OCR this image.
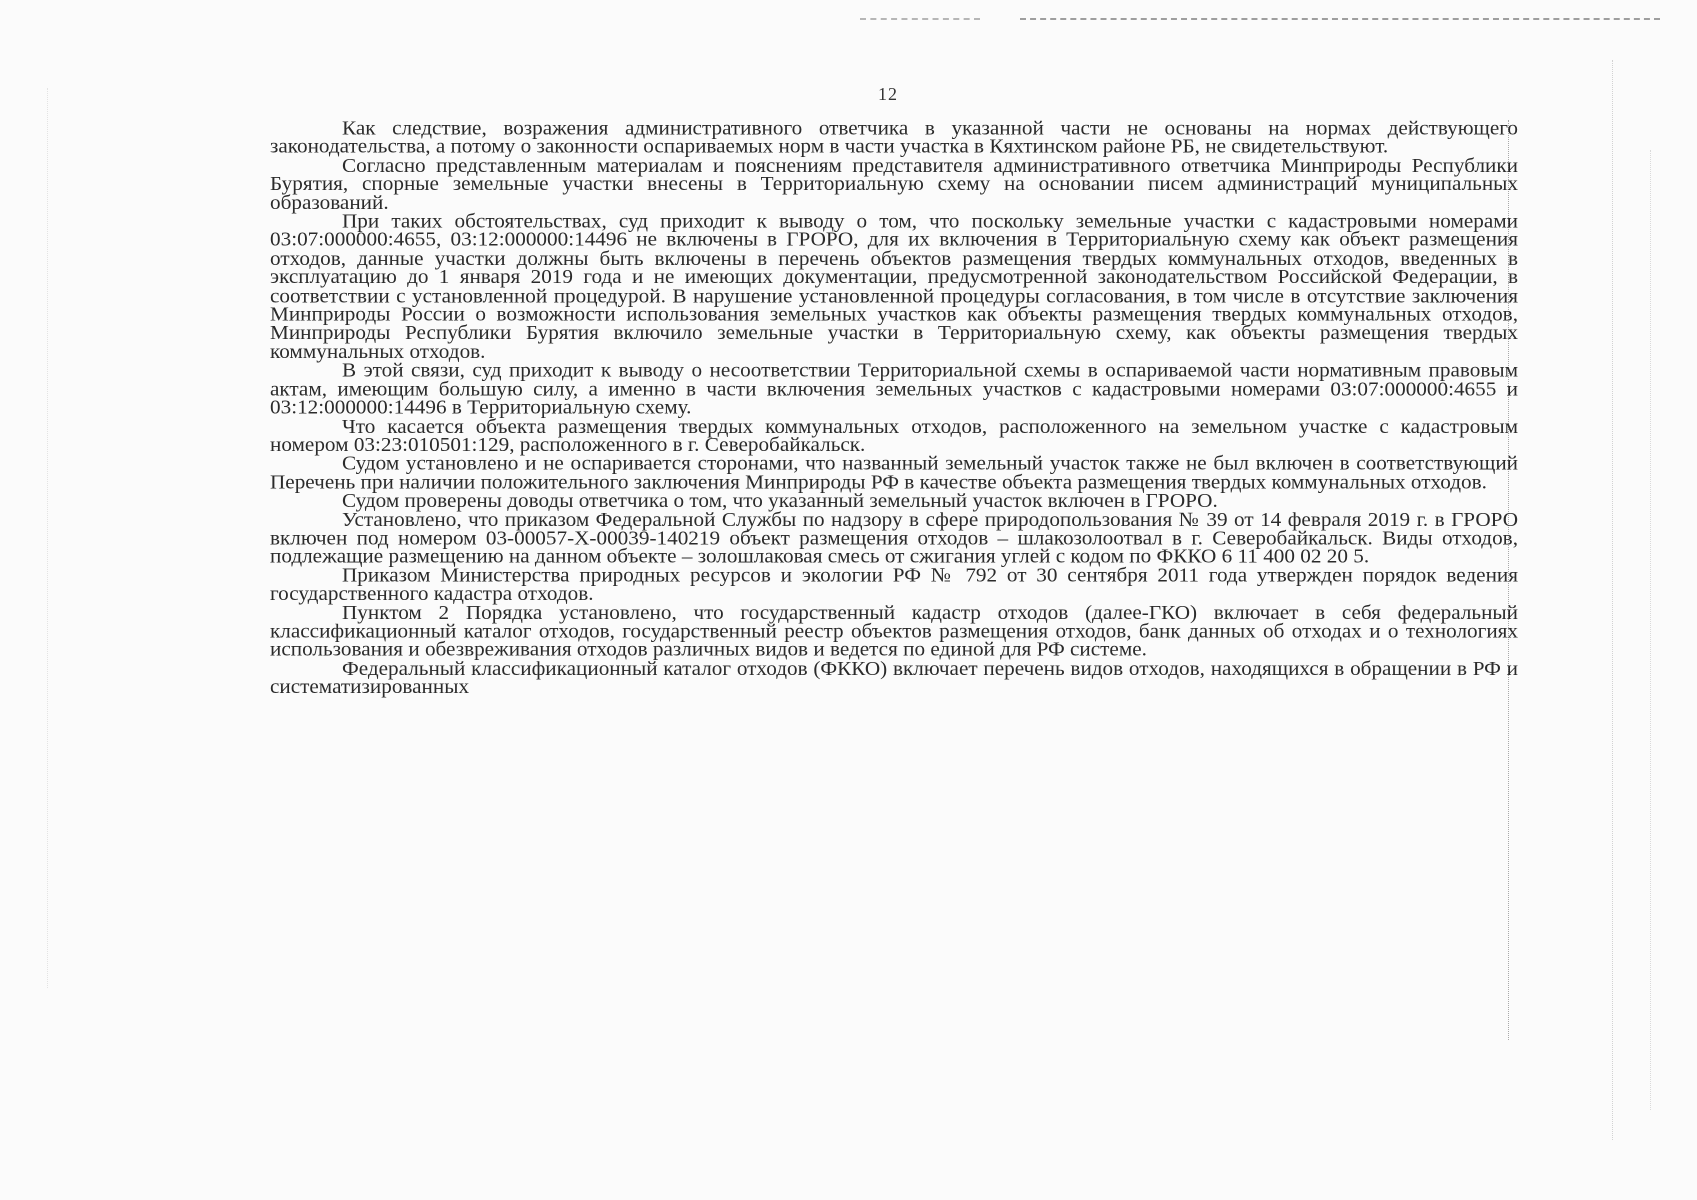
12

Как следствие, возражения административного ответчика в указанной части не основаны на нормах действующего законодательства, а потому о законности оспариваемых норм в части участка в Кяхтинском районе РБ, не свидетельствуют.

Согласно представленным материалам и пояснениям представителя административного ответчика Минприроды Республики Бурятия, спорные земельные участки внесены в Территориальную схему на основании писем администраций муниципальных образований.

При таких обстоятельствах, суд приходит к выводу о том, что поскольку земельные участки с кадастровыми номерами 03:07:000000:4655, 03:12:000000:14496 не включены в ГРОРО, для их включения в Территориальную схему как объект размещения отходов, данные участки должны быть включены в перечень объектов размещения твердых коммунальных отходов, введенных в эксплуатацию до 1 января 2019 года и не имеющих документации, предусмотренной законодательством Российской Федерации, в соответствии с установленной процедурой. В нарушение установленной процедуры согласования, в том числе в отсутствие заключения Минприроды России о возможности использования земельных участков как объекты размещения твердых коммунальных отходов, Минприроды Республики Бурятия включило земельные участки в Территориальную схему, как объекты размещения твердых коммунальных отходов.

В этой связи, суд приходит к выводу о несоответствии Территориальной схемы в оспариваемой части нормативным правовым актам, имеющим большую силу, а именно в части включения земельных участков с кадастровыми номерами 03:07:000000:4655 и 03:12:000000:14496 в Территориальную схему.

Что касается объекта размещения твердых коммунальных отходов, расположенного на земельном участке с кадастровым номером 03:23:010501:129, расположенного в г. Северобайкальск.

Судом установлено и не оспаривается сторонами, что названный земельный участок также не был включен в соответствующий Перечень при наличии положительного заключения Минприроды РФ в качестве объекта размещения твердых коммунальных отходов.

Судом проверены доводы ответчика о том, что указанный земельный участок включен в ГРОРО.

Установлено, что приказом Федеральной Службы по надзору в сфере природопользования № 39 от 14 февраля 2019 г. в ГРОРО включен под номером 03-00057-Х-00039-140219 объект размещения отходов – шлакозолоотвал в г. Северобайкальск. Виды отходов, подлежащие размещению на данном объекте – золошлаковая смесь от сжигания углей с кодом по ФККО 6 11 400 02 20 5.

Приказом Министерства природных ресурсов и экологии РФ № 792 от 30 сентября 2011 года утвержден порядок ведения государственного кадастра отходов.

Пунктом 2 Порядка установлено, что государственный кадастр отходов (далее-ГКО) включает в себя федеральный классификационный каталог отходов, государственный реестр объектов размещения отходов, банк данных об отходах и о технологиях использования и обезвреживания отходов различных видов и ведется по единой для РФ системе.

Федеральный классификационный каталог отходов (ФККО) включает перечень видов отходов, находящихся в обращении в РФ и систематизированных
